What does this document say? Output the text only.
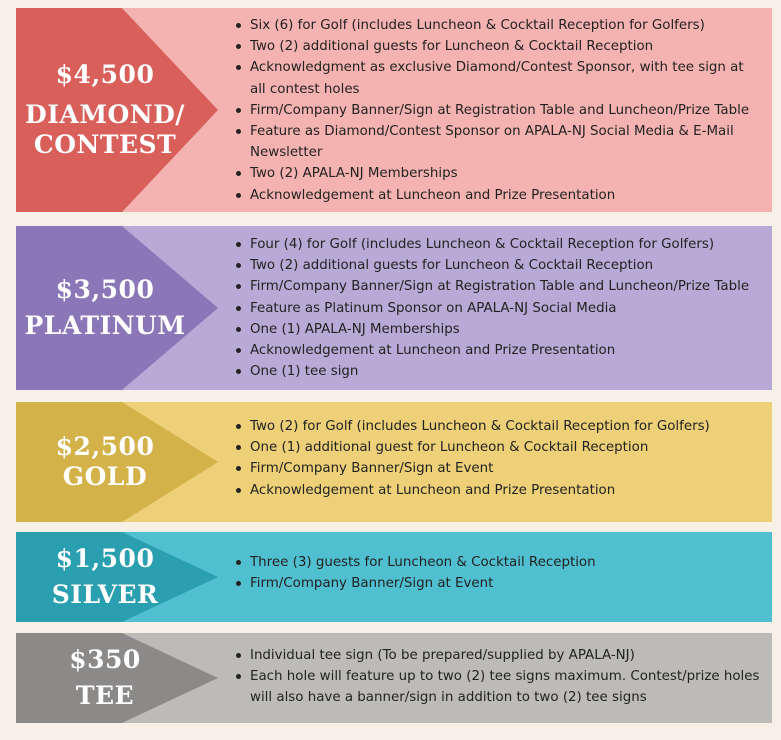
$4,500
DIAMOND/
CONTEST
Six (6) for Golf (includes Luncheon & Cocktail Reception for Golfers)
Two (2) additional guests for Luncheon & Cocktail Reception
Acknowledgment as exclusive Diamond/Contest Sponsor, with tee sign at all contest holes
Firm/Company Banner/Sign at Registration Table and Luncheon/Prize Table
Feature as Diamond/Contest Sponsor on APALA-NJ Social Media & E-Mail Newsletter
Two (2) APALA-NJ Memberships
Acknowledgement at Luncheon and Prize Presentation
$3,500
PLATINUM
Four (4) for Golf (includes Luncheon & Cocktail Reception for Golfers)
Two (2) additional guests for Luncheon & Cocktail Reception
Firm/Company Banner/Sign at Registration Table and Luncheon/Prize Table
Feature as Platinum Sponsor on APALA-NJ Social Media
One (1) APALA-NJ Memberships
Acknowledgement at Luncheon and Prize Presentation
One (1) tee sign
$2,500
GOLD
Two (2) for Golf (includes Luncheon & Cocktail Reception for Golfers)
One (1) additional guest for Luncheon & Cocktail Reception
Firm/Company Banner/Sign at Event
Acknowledgement at Luncheon and Prize Presentation
$1,500
SILVER
Three (3) guests for Luncheon & Cocktail Reception
Firm/Company Banner/Sign at Event
$350
TEE
Individual tee sign (To be prepared/supplied by APALA-NJ)
Each hole will feature up to two (2) tee signs maximum. Contest/prize holes will also have a banner/sign in addition to two (2) tee signs
